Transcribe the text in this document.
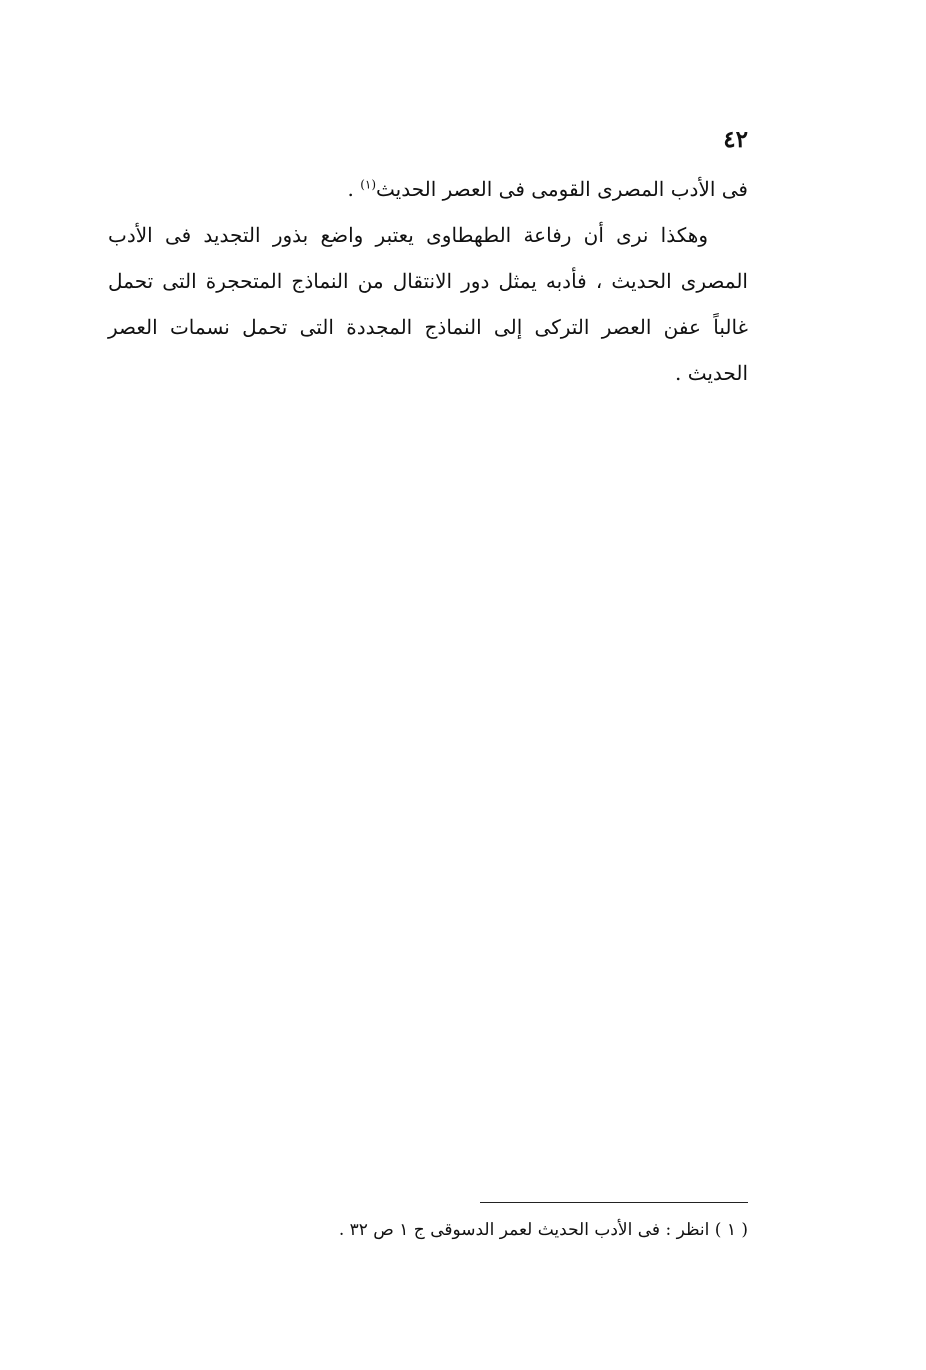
٤٢

فى الأدب المصرى القومى فى العصر الحديث$^{(١)}$ .

وهكذا نرى أن رفاعة الطهطاوى يعتبر واضع بذور التجديد فى الأدب المصرى الحديث ، فأدبه يمثل دور الانتقال من النماذج المتحجرة التى تحمل غالباً عفن العصر التركى إلى النماذج المجددة التى تحمل نسمات العصر الحديث .

( ١ ) انظر : فى الأدب الحديث لعمر الدسوقى ج ١ ص ٣٢ .
